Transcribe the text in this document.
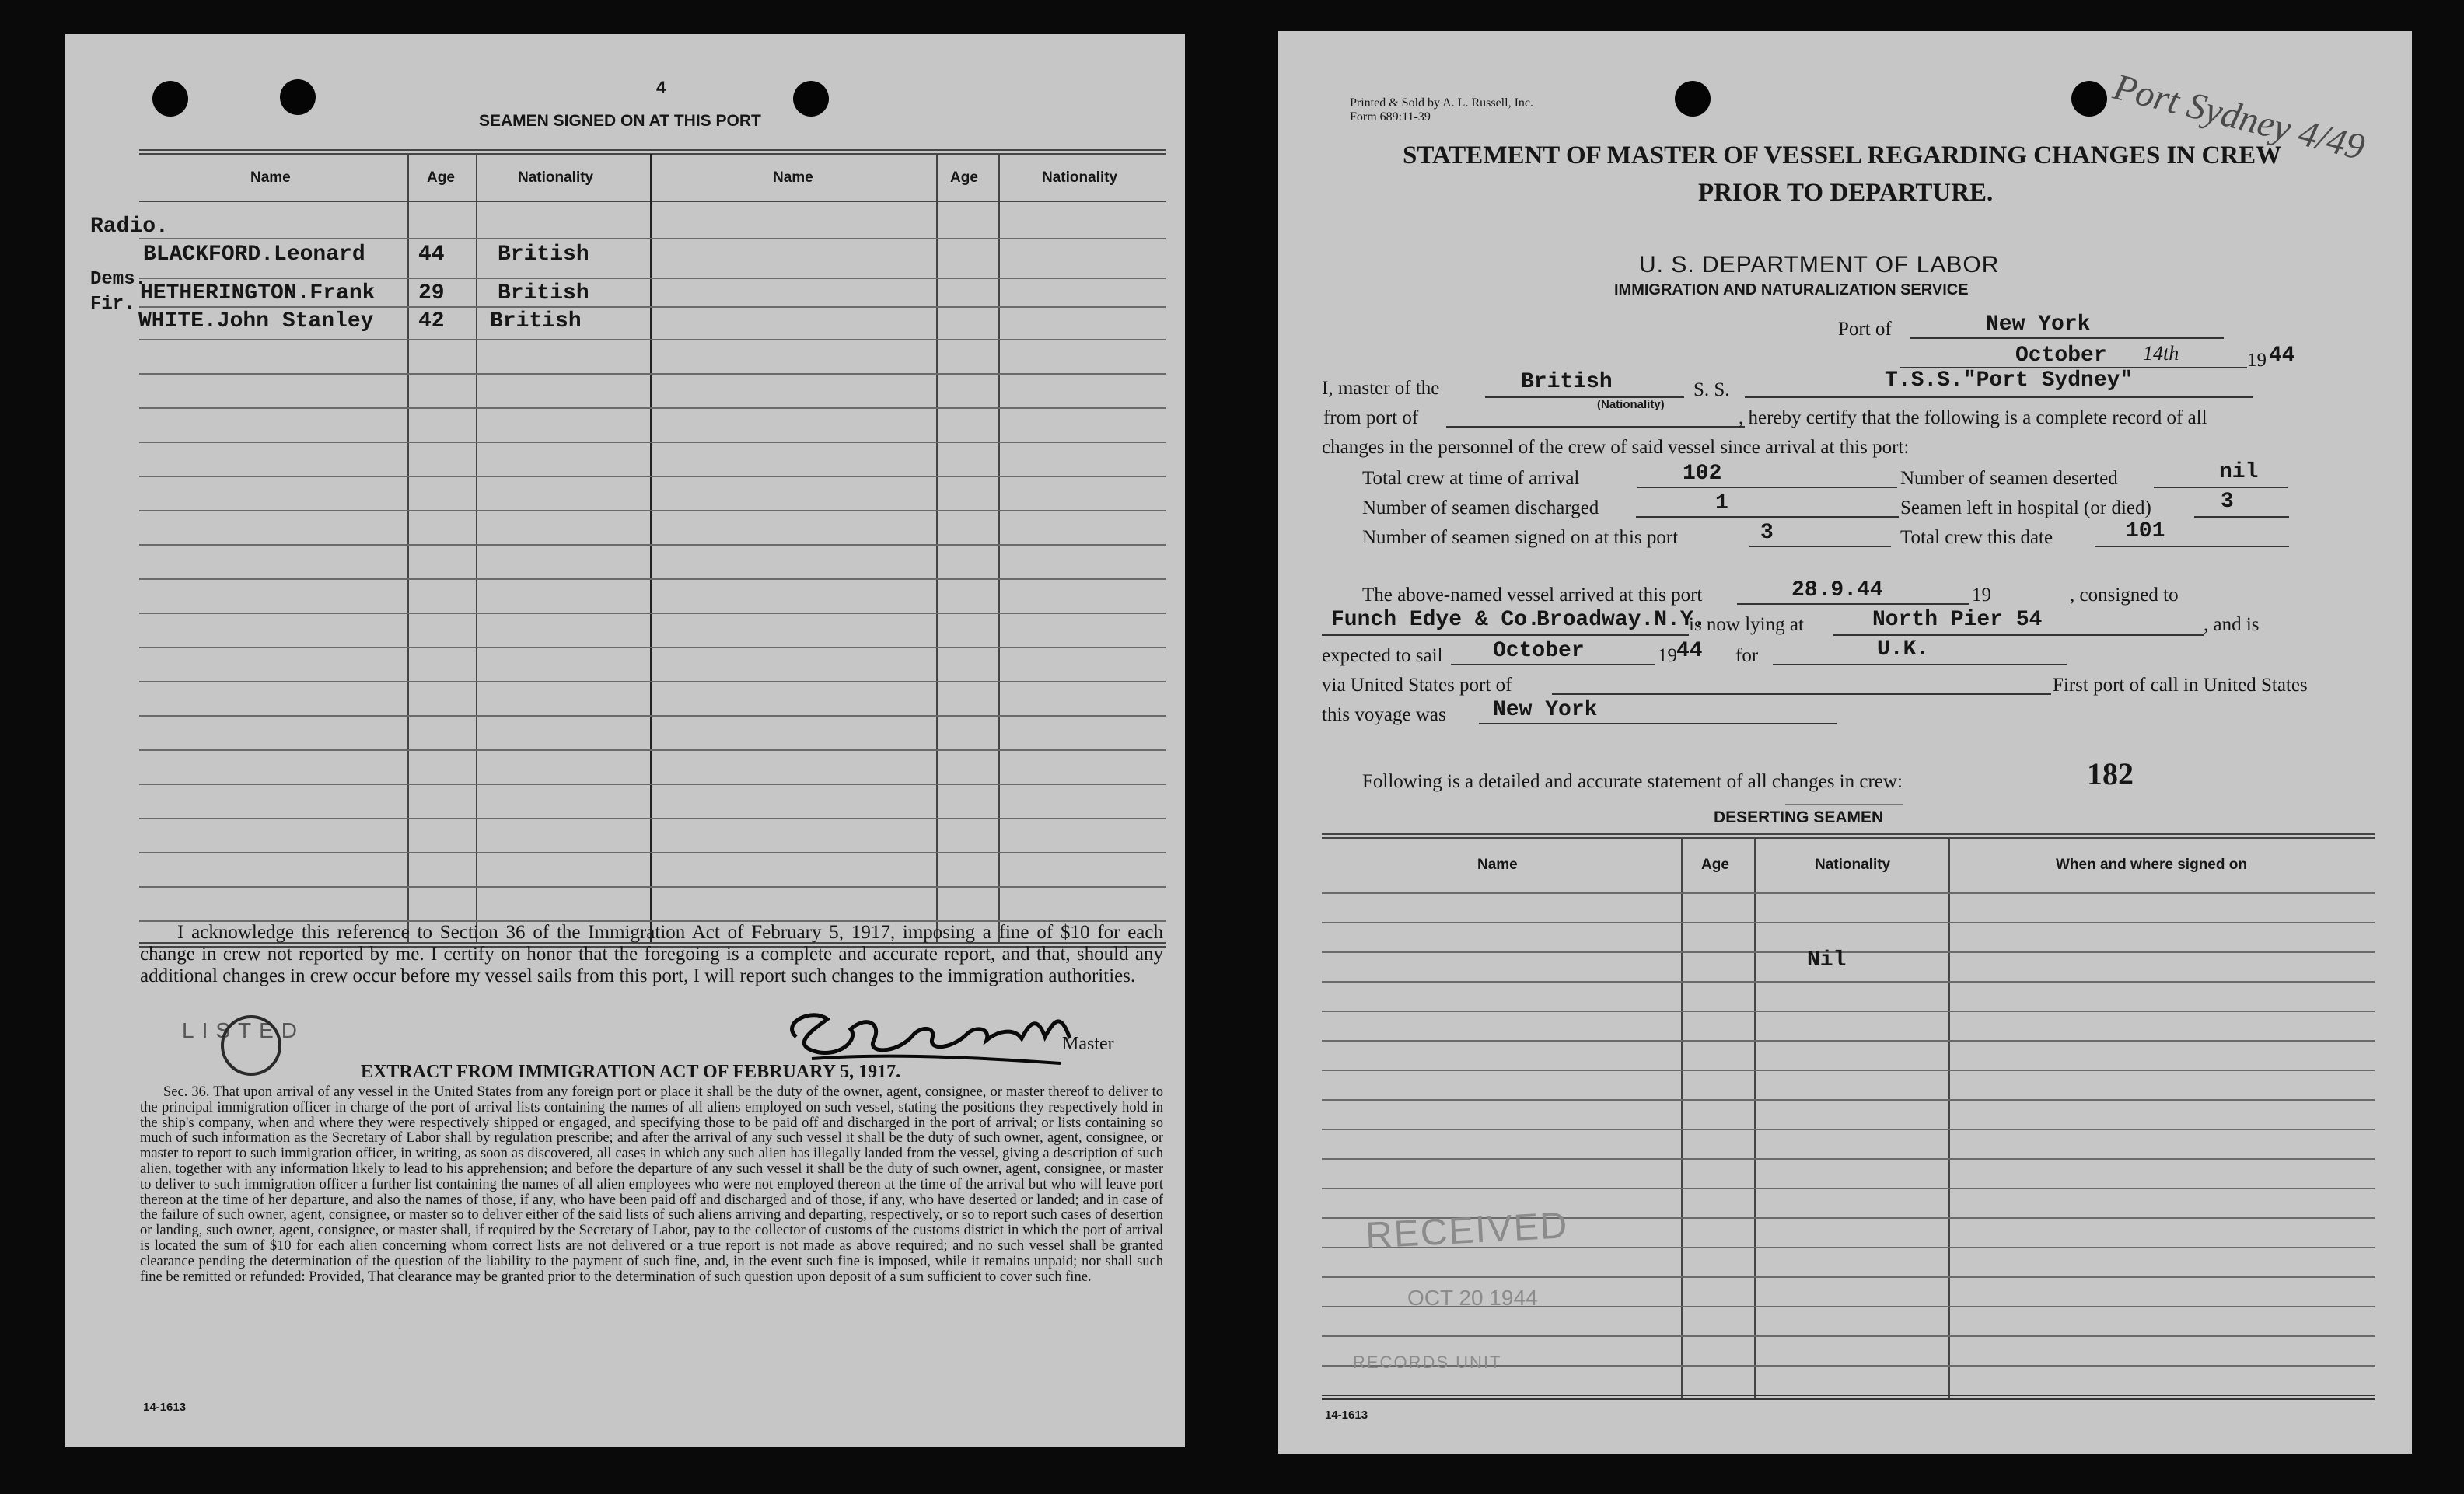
4
SEAMEN SIGNED ON AT THIS PORT
Name	Age	Nationality	Name	Age	Nationality
Radio.
Dems.
Fir.
BLACKFORD.Leonard 44 British
HETHERINGTON.Frank 29 British
WHITE.John Stanley 42 British
I acknowledge this reference to Section 36 of the Immigration Act of February 5, 1917, imposing a fine of $10 for each change in crew not reported by me. I certify on honor that the foregoing is a complete and accurate report, and that, should any additional changes in crew occur before my vessel sails from this port, I will report such changes to the immigration authorities.
Master
LISTED
EXTRACT FROM IMMIGRATION ACT OF FEBRUARY 5, 1917.
Sec. 36. That upon arrival of any vessel in the United States from any foreign port or place it shall be the duty of the owner, agent, consignee, or master thereof to deliver to the principal immigration officer in charge of the port of arrival lists containing the names of all aliens employed on such vessel, stating the positions they respectively hold in the ship's company, when and where they were respectively shipped or engaged, and specifying those to be paid off and discharged in the port of arrival; or lists containing so much of such information as the Secretary of Labor shall by regulation prescribe; and after the arrival of any such vessel it shall be the duty of such owner, agent, consignee, or master to report to such immigration officer, in writing, as soon as discovered, all cases in which any such alien has illegally landed from the vessel, giving a description of such alien, together with any information likely to lead to his apprehension; and before the departure of any such vessel it shall be the duty of such owner, agent, consignee, or master to deliver to such immigration officer a further list containing the names of all alien employees who were not employed thereon at the time of the arrival but who will leave port thereon at the time of her departure, and also the names of those, if any, who have been paid off and discharged and of those, if any, who have deserted or landed; and in case of the failure of such owner, agent, consignee, or master so to deliver either of the said lists of such aliens arriving and departing, respectively, or so to report such cases of desertion or landing, such owner, agent, consignee, or master shall, if required by the Secretary of Labor, pay to the collector of customs of the customs district in which the port of arrival is located the sum of $10 for each alien concerning whom correct lists are not delivered or a true report is not made as above required; and no such vessel shall be granted clearance pending the determination of the question of the liability to the payment of such fine, and, in the event such fine is imposed, while it remains unpaid; nor shall such fine be remitted or refunded: Provided, That clearance may be granted prior to the determination of such question upon deposit of a sum sufficient to cover such fine.
14-1613
Printed & Sold by A. L. Russell, Inc.
Form 689:11-39	Port Sydney 4/49
STATEMENT OF MASTER OF VESSEL REGARDING CHANGES IN CREW
PRIOR TO DEPARTURE.
U. S. DEPARTMENT OF LABOR
IMMIGRATION AND NATURALIZATION SERVICE
Port of	New York
October 14th	19 44
I, master of the	British
(Nationality)
S. S.	T.S.S."Port Sydney"
from port of	, hereby certify that the following is a complete record of all
changes in the personnel of the crew of said vessel since arrival at this port:
Total crew at time of arrival	102	Number of seamen deserted	nil
Number of seamen discharged	1	Seamen left in hospital (or died)	3
Number of seamen signed on at this port	3	Total crew this date	101
The above-named vessel arrived at this port	28.9.44	19	, consigned to
Funch Edye & Co.
Broadway.N.Y.
is now lying at	North Pier 54	, and is
expected to sail October	19 44 for	U.K.
via United States port of	First port of call in United States
this voyage was New York
Following is a detailed and accurate statement of all changes in crew:	182
DESERTING SEAMEN
Name	Age	Nationality	When and where signed on
Nil
RECEIVED
OCT 20 1944
RECORDS UNIT
14-1613
